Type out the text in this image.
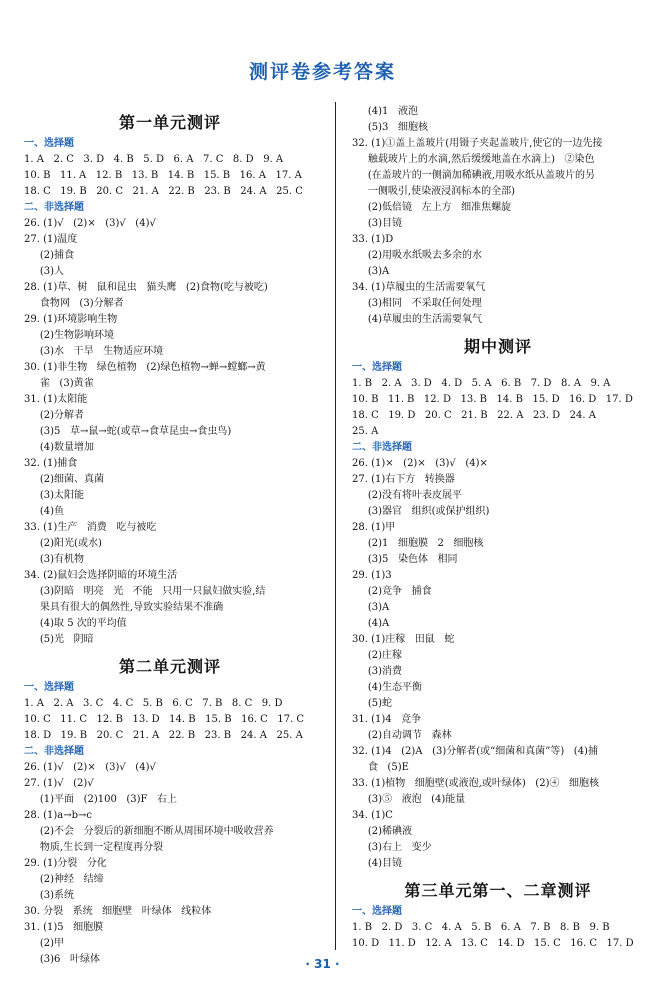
测评卷参考答案
第一单元测评
一、选择题
1. A   2. C   3. D   4. B   5. D   6. A   7. C   8. D   9. A
10. B   11. A   12. B   13. B   14. B   15. B   16. A   17. A
18. C   19. B   20. C   21. A   22. B   23. B   24. A   25. C
二、非选择题
26. (1)√   (2)×   (3)√   (4)√
27. (1)温度
(2)捕食
(3)人
28. (1)草、树   鼠和昆虫   猫头鹰   (2)食物(吃与被吃)
食物网   (3)分解者
29. (1)环境影响生物
(2)生物影响环境
(3)水   干旱   生物适应环境
30. (1)非生物   绿色植物   (2)绿色植物→蝉→螳螂→黄
雀   (3)黄雀
31. (1)太阳能
(2)分解者
(3)5   草→鼠→蛇(或草→食草昆虫→食虫鸟)
(4)数量增加
32. (1)捕食
(2)细菌、真菌
(3)太阳能
(4)鱼
33. (1)生产   消费   吃与被吃
(2)阳光(或水)
(3)有机物
34. (2)鼠妇会选择阴暗的环境生活
(3)阴暗   明亮   光   不能   只用一只鼠妇做实验,结
果具有很大的偶然性,导致实验结果不准确
(4)取 5 次的平均值
(5)光   阴暗
第二单元测评
一、选择题
1. A   2. A   3. C   4. C   5. B   6. C   7. B   8. C   9. D
10. C   11. C   12. B   13. D   14. B   15. B   16. C   17. C
18. D   19. B   20. C   21. A   22. B   23. B   24. A   25. A
二、非选择题
26. (1)√   (2)×   (3)√   (4)√
27. (1)√   (2)√
(1)平面   (2)100   (3)F   右上
28. (1)a→b→c
(2)不会   分裂后的新细胞不断从周围环境中吸收营养
物质,生长到一定程度再分裂
29. (1)分裂   分化
(2)神经   结缔
(3)系统
30. 分裂   系统   细胞壁   叶绿体   线粒体
31. (1)5   细胞膜
(2)甲
(3)6   叶绿体
(4)1   液泡
(5)3   细胞核
32. (1)①盖上盖玻片(用镊子夹起盖玻片,使它的一边先接
触载玻片上的水滴,然后缓缓地盖在水滴上)   ②染色
(在盖玻片的一侧滴加稀碘液,用吸水纸从盖玻片的另
一侧吸引,使染液浸润标本的全部)
(2)低倍镜   左上方   细准焦螺旋
(3)目镜
33. (1)D
(2)用吸水纸吸去多余的水
(3)A
34. (1)草履虫的生活需要氧气
(3)相同   不采取任何处理
(4)草履虫的生活需要氧气
期中测评
一、选择题
1. B   2. A   3. D   4. D   5. A   6. B   7. D   8. A   9. A
10. B   11. B   12. D   13. B   14. B   15. D   16. D   17. D
18. C   19. D   20. C   21. B   22. A   23. D   24. A
25. A
二、非选择题
26. (1)×   (2)×   (3)√   (4)×
27. (1)右下方   转换器
(2)没有将叶表皮展平
(3)器官   组织(或保护组织)
28. (1)甲
(2)1   细胞膜   2   细胞核
(3)5   染色体   相同
29. (1)3
(2)竞争   捕食
(3)A
(4)A
30. (1)庄稼   田鼠   蛇
(2)庄稼
(3)消费
(4)生态平衡
(5)蛇
31. (1)4   竞争
(2)自动调节   森林
32. (1)4   (2)A   (3)分解者(或“细菌和真菌”等)   (4)捕
食   (5)E
33. (1)植物   细胞壁(或液泡,或叶绿体)   (2)④   细胞核
(3)⑤   液泡   (4)能量
34. (1)C
(2)稀碘液
(3)右上   变少
(4)目镜
第三单元第一、二章测评
一、选择题
1. B   2. D   3. C   4. A   5. B   6. A   7. B   8. B   9. B
10. D   11. D   12. A   13. C   14. D   15. C   16. C   17. D
· 31 ·
